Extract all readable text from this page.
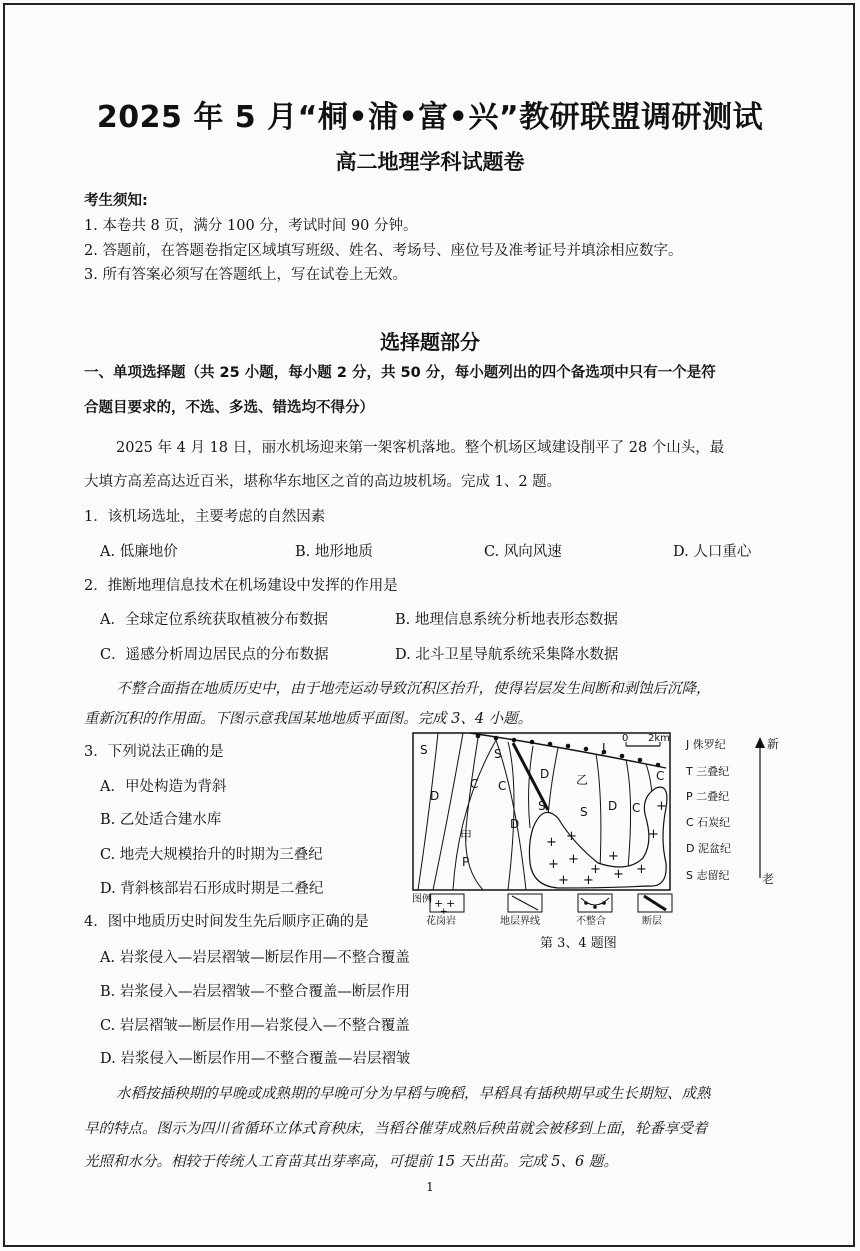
2025 年 5 月“桐•浦•富•兴”教研联盟调研测试
高二地理学科试题卷
考生须知:
1. 本卷共 8 页，满分 100 分，考试时间 90 分钟。
2. 答题前，在答题卷指定区域填写班级、姓名、考场号、座位号及准考证号并填涂相应数字。
3. 所有答案必须写在答题纸上，写在试卷上无效。
选择题部分
一、单项选择题（共 25 小题，每小题 2 分，共 50 分，每小题列出的四个备选项中只有一个是符
合题目要求的，不选、多选、错选均不得分）
2025 年 4 月 18 日，丽水机场迎来第一架客机落地。整个机场区域建设削平了 28 个山头，最
大填方高差高达近百米，堪称华东地区之首的高边坡机场。完成 1、2 题。
1．该机场选址，主要考虑的自然因素
A. 低廉地价	B. 地形地质	C. 风向风速	D. 人口重心
2．推断地理信息技术在机场建设中发挥的作用是
A．全球定位系统获取植被分布数据	B. 地理信息系统分析地表形态数据
C．遥感分析周边居民点的分布数据	D. 北斗卫星导航系统采集降水数据
不整合面指在地质历史中，由于地壳运动导致沉积区抬升，使得岩层发生间断和剥蚀后沉降，
重新沉积的作用面。下图示意我国某地地质平面图。完成 3、4 小题。
3．下列说法正确的是
A．甲处构造为背斜
B. 乙处适合建水库
C. 地壳大规模抬升的时期为三叠纪
D. 背斜核部岩石形成时期是二叠纪
4．图中地质历史时间发生先后顺序正确的是
A. 岩浆侵入—岩层褶皱—断层作用—不整合覆盖
B. 岩浆侵入—岩层褶皱—不整合覆盖—断层作用
C. 岩层褶皱—断层作用—岩浆侵入—不整合覆盖
D. 岩浆侵入—断层作用—不整合覆盖—岩层褶皱
+ +
+ +
+ + +
+
+
+ +
+
S
D
C
甲
P
S
C
D
J
乙
S
D
S D C
C
0 2km J 侏罗纪
T 三叠纪
P 二叠纪
C 石炭纪
D 泥盆纪
S 志留纪
新
老
图例 + +
+
花岗岩	地层界线	不整合	断层
第 3、4 题图
水稻按插秧期的早晚或成熟期的早晚可分为早稻与晚稻，早稻具有插秧期早或生长期短、成熟
早的特点。图示为四川省循环立体式育秧床，当稻谷催芽成熟后秧苗就会被移到上面，轮番享受着
光照和水分。相较于传统人工育苗其出芽率高，可提前 15 天出苗。完成 5、6 题。
1
